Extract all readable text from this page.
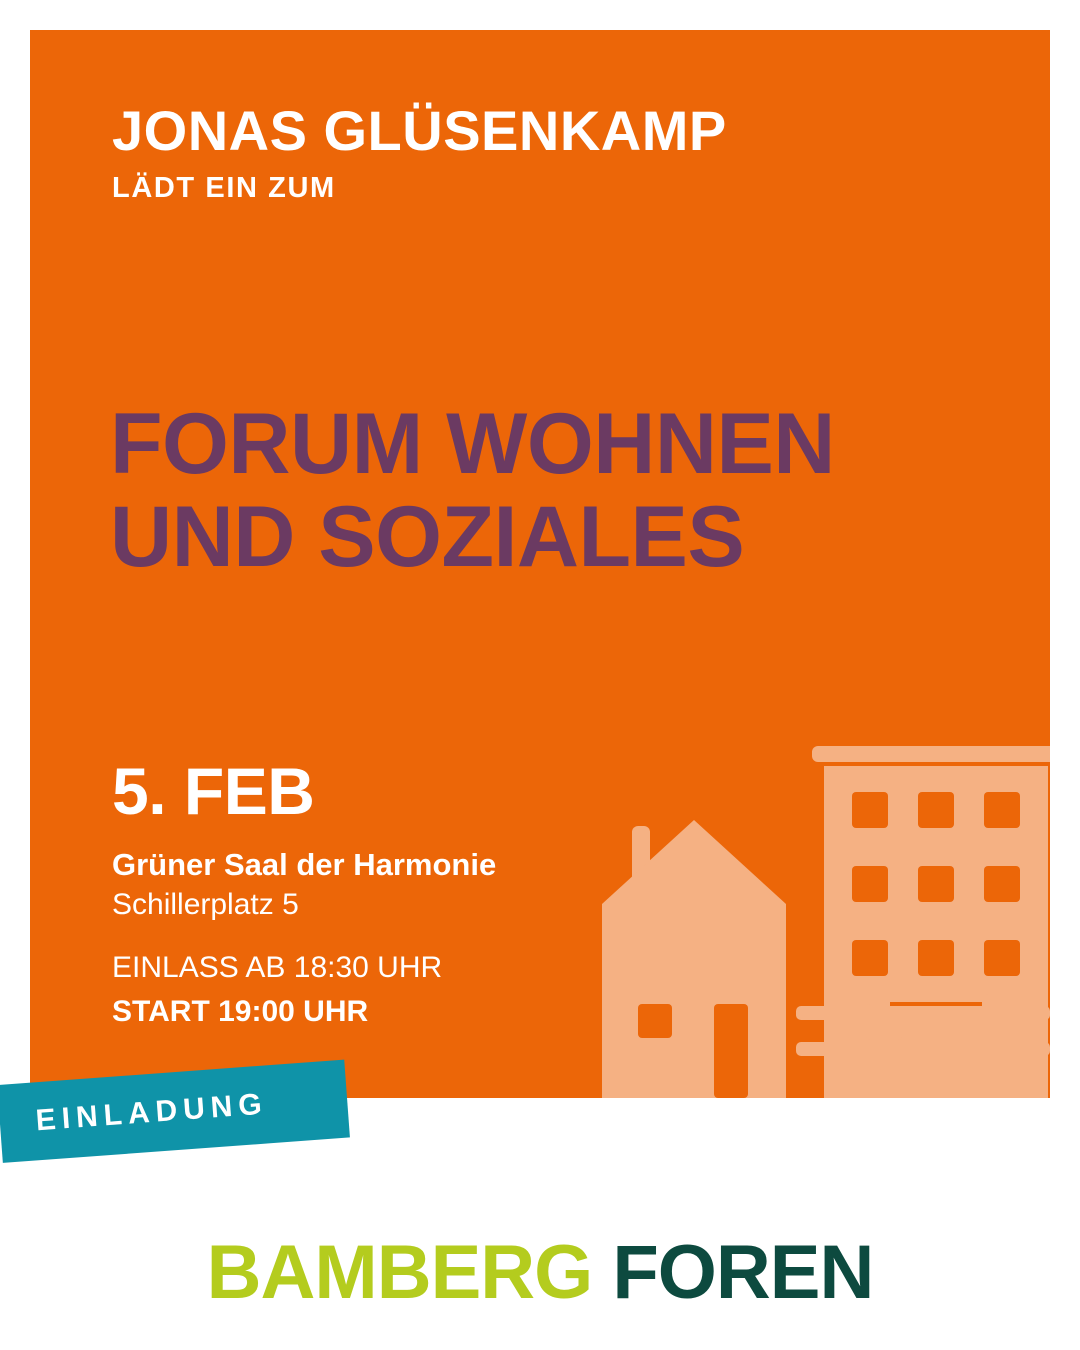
JONAS GLÜSENKAMP
LÄDT EIN ZUM
FORUM WOHNEN
UND SOZIALES
5. FEB
Grüner Saal der Harmonie
Schillerplatz 5
EINLASS AB 18:30 UHR
START 19:00 UHR
EINLADUNG
BAMBERG FOREN
